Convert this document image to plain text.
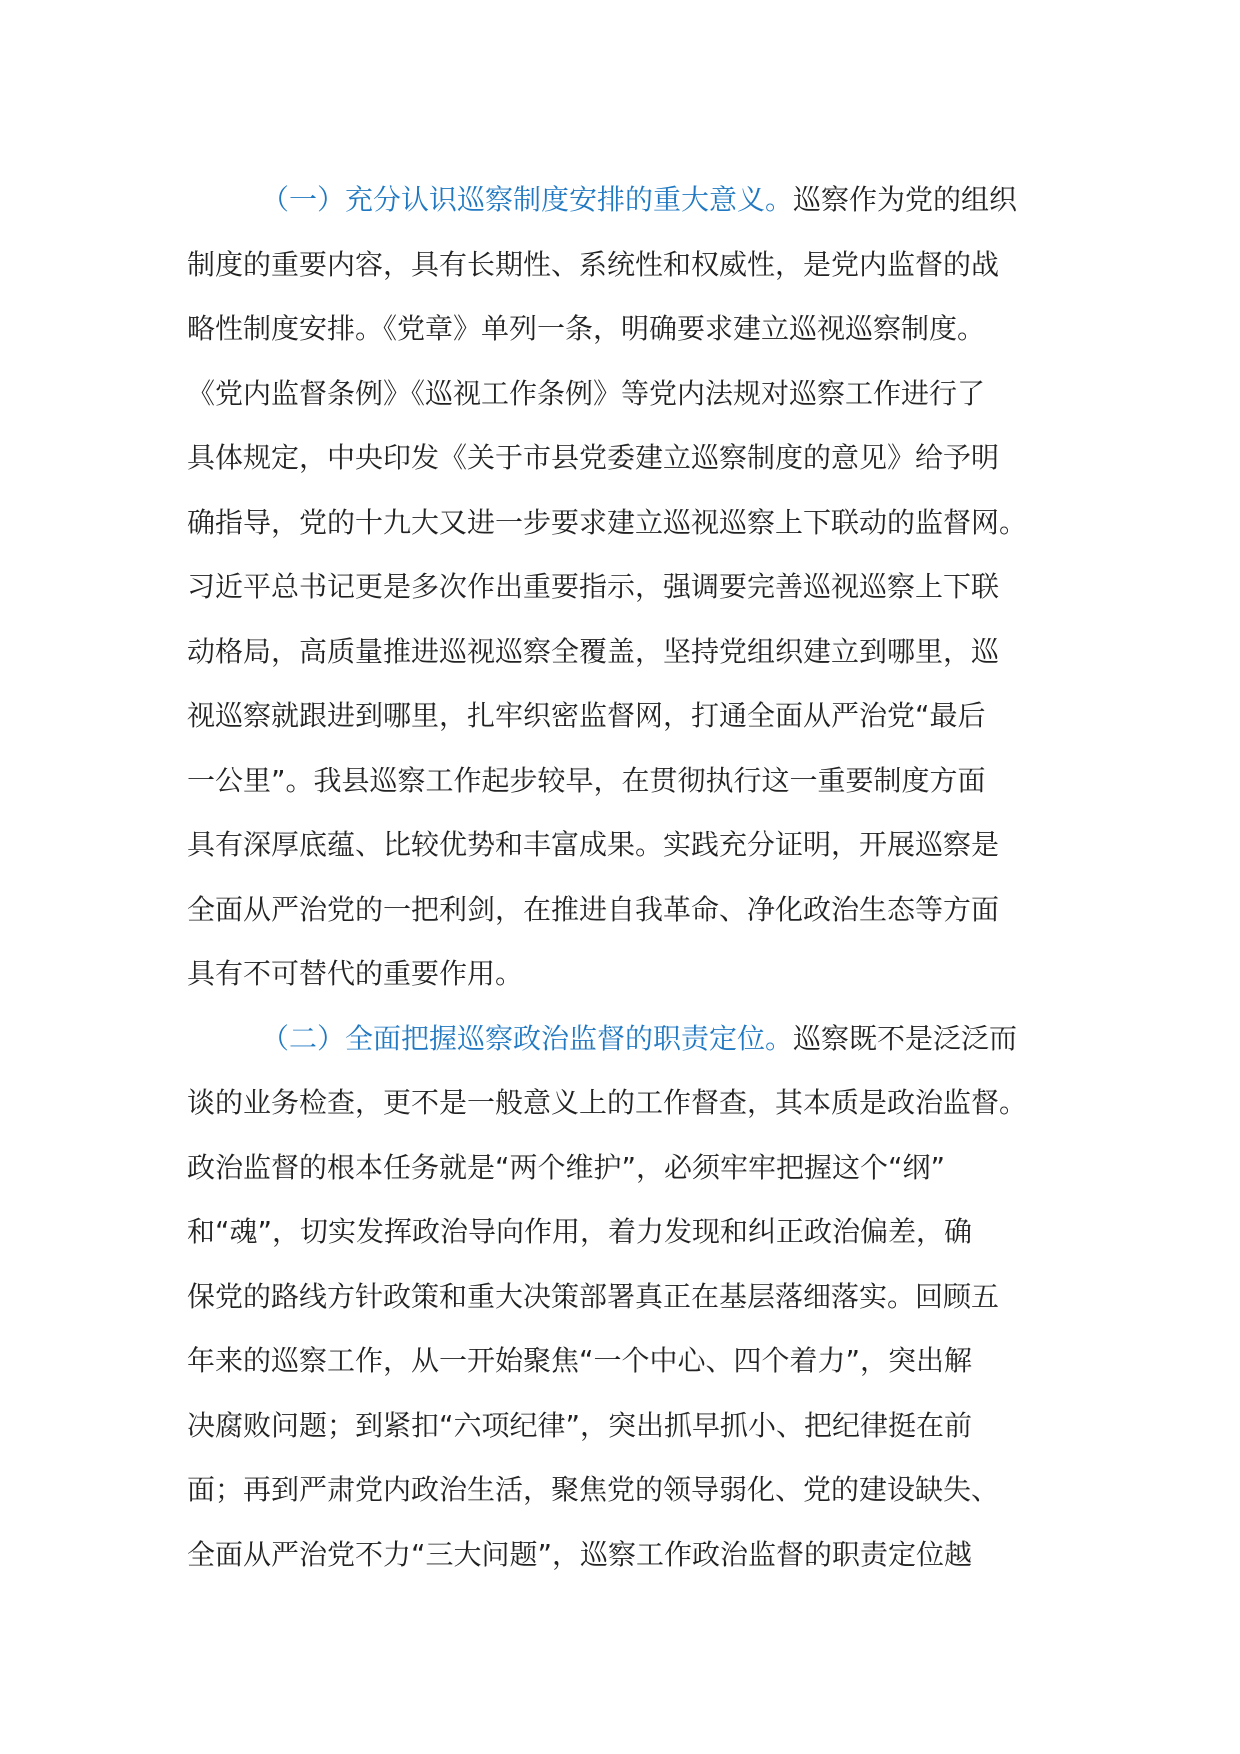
（一）充分认识巡察制度安排的重大意义。巡察作为党的组织
制度的重要内容，具有长期性、系统性和权威性，是党内监督的战
略性制度安排。《党章》单列一条，明确要求建立巡视巡察制度。
《党内监督条例》《巡视工作条例》等党内法规对巡察工作进行了
具体规定，中央印发《关于市县党委建立巡察制度的意见》给予明
确指导，党的十九大又进一步要求建立巡视巡察上下联动的监督网。
习近平总书记更是多次作出重要指示，强调要完善巡视巡察上下联
动格局，高质量推进巡视巡察全覆盖，坚持党组织建立到哪里，巡
视巡察就跟进到哪里，扎牢织密监督网，打通全面从严治党“最后
一公里”。我县巡察工作起步较早，在贯彻执行这一重要制度方面
具有深厚底蕴、比较优势和丰富成果。实践充分证明，开展巡察是
全面从严治党的一把利剑，在推进自我革命、净化政治生态等方面
具有不可替代的重要作用。
（二）全面把握巡察政治监督的职责定位。巡察既不是泛泛而
谈的业务检查，更不是一般意义上的工作督查，其本质是政治监督。
政治监督的根本任务就是“两个维护”，必须牢牢把握这个“纲”
和“魂”，切实发挥政治导向作用，着力发现和纠正政治偏差，确
保党的路线方针政策和重大决策部署真正在基层落细落实。回顾五
年来的巡察工作，从一开始聚焦“一个中心、四个着力”，突出解
决腐败问题；到紧扣“六项纪律”，突出抓早抓小、把纪律挺在前
面；再到严肃党内政治生活，聚焦党的领导弱化、党的建设缺失、
全面从严治党不力“三大问题”，巡察工作政治监督的职责定位越
